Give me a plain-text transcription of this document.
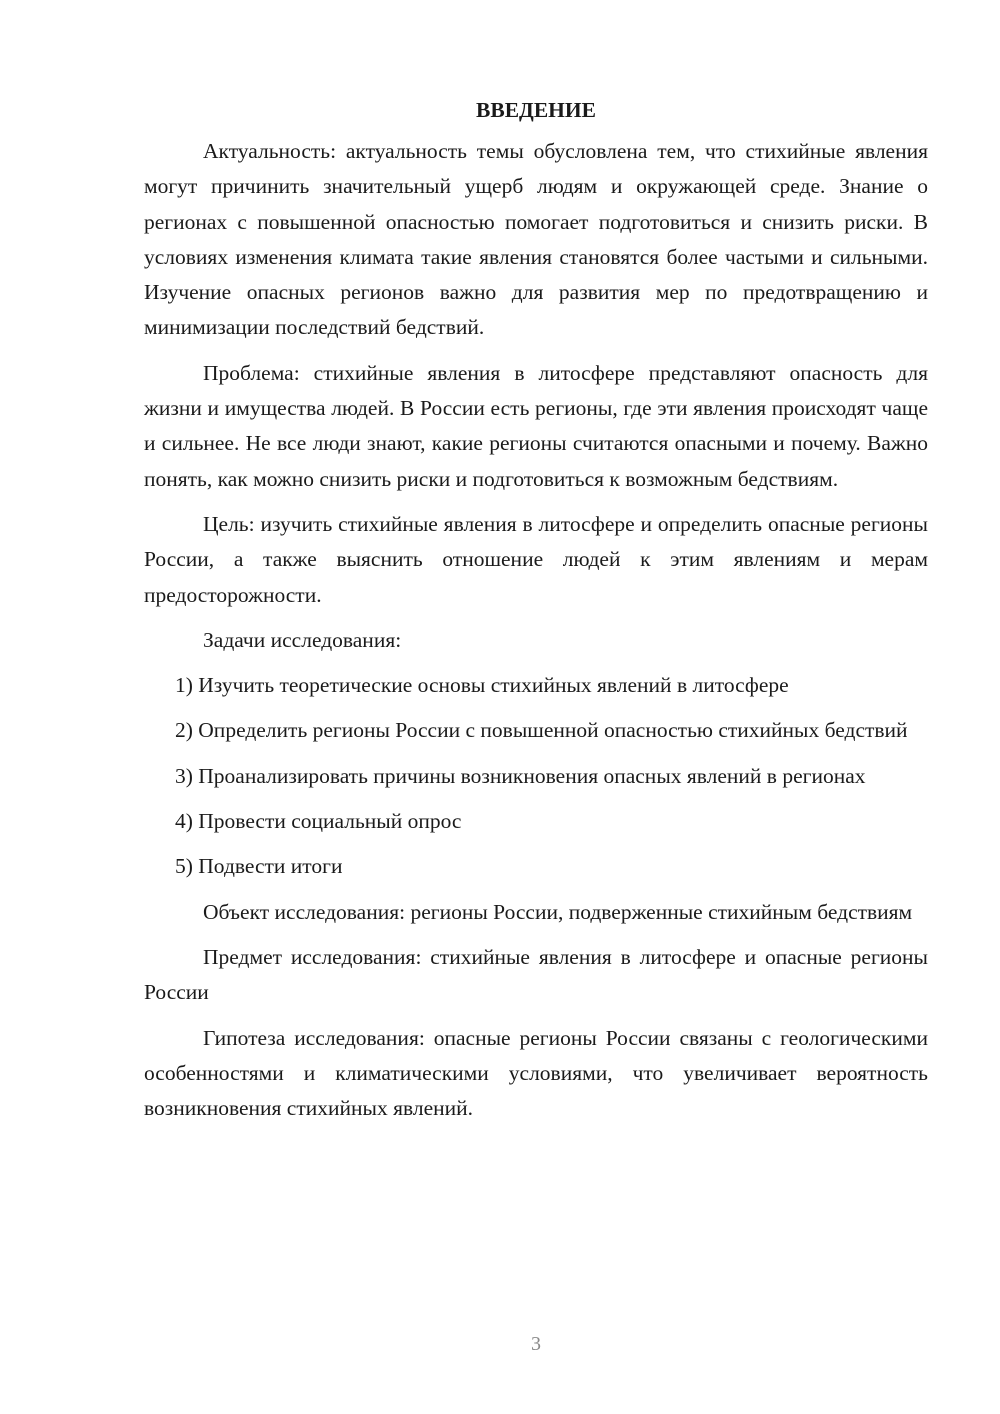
ВВЕДЕНИЕ

Актуальность: актуальность темы обусловлена тем, что стихийные явления могут причинить значительный ущерб людям и окружающей среде. Знание о регионах с повышенной опасностью помогает подготовиться и снизить риски. В условиях изменения климата такие явления становятся более частыми и сильными. Изучение опасных регионов важно для развития мер по предотвращению и минимизации последствий бедствий.

Проблема: стихийные явления в литосфере представляют опасность для жизни и имущества людей. В России есть регионы, где эти явления происходят чаще и сильнее. Не все люди знают, какие регионы считаются опасными и почему. Важно понять, как можно снизить риски и подготовиться к возможным бедствиям.

Цель: изучить стихийные явления в литосфере и определить опасные регионы России, а также выяснить отношение людей к этим явлениям и мерам предосторожности.

Задачи исследования:

1) Изучить теоретические основы стихийных явлений в литосфере

2) Определить регионы России с повышенной опасностью стихийных бедствий

3) Проанализировать причины возникновения опасных явлений в регионах

4) Провести социальный опрос

5) Подвести итоги

Объект исследования: регионы России, подверженные стихийным бедствиям

Предмет исследования: стихийные явления в литосфере и опасные регионы России

Гипотеза исследования: опасные регионы России связаны с геологическими особенностями и климатическими условиями, что увеличивает вероятность возникновения стихийных явлений.

3
